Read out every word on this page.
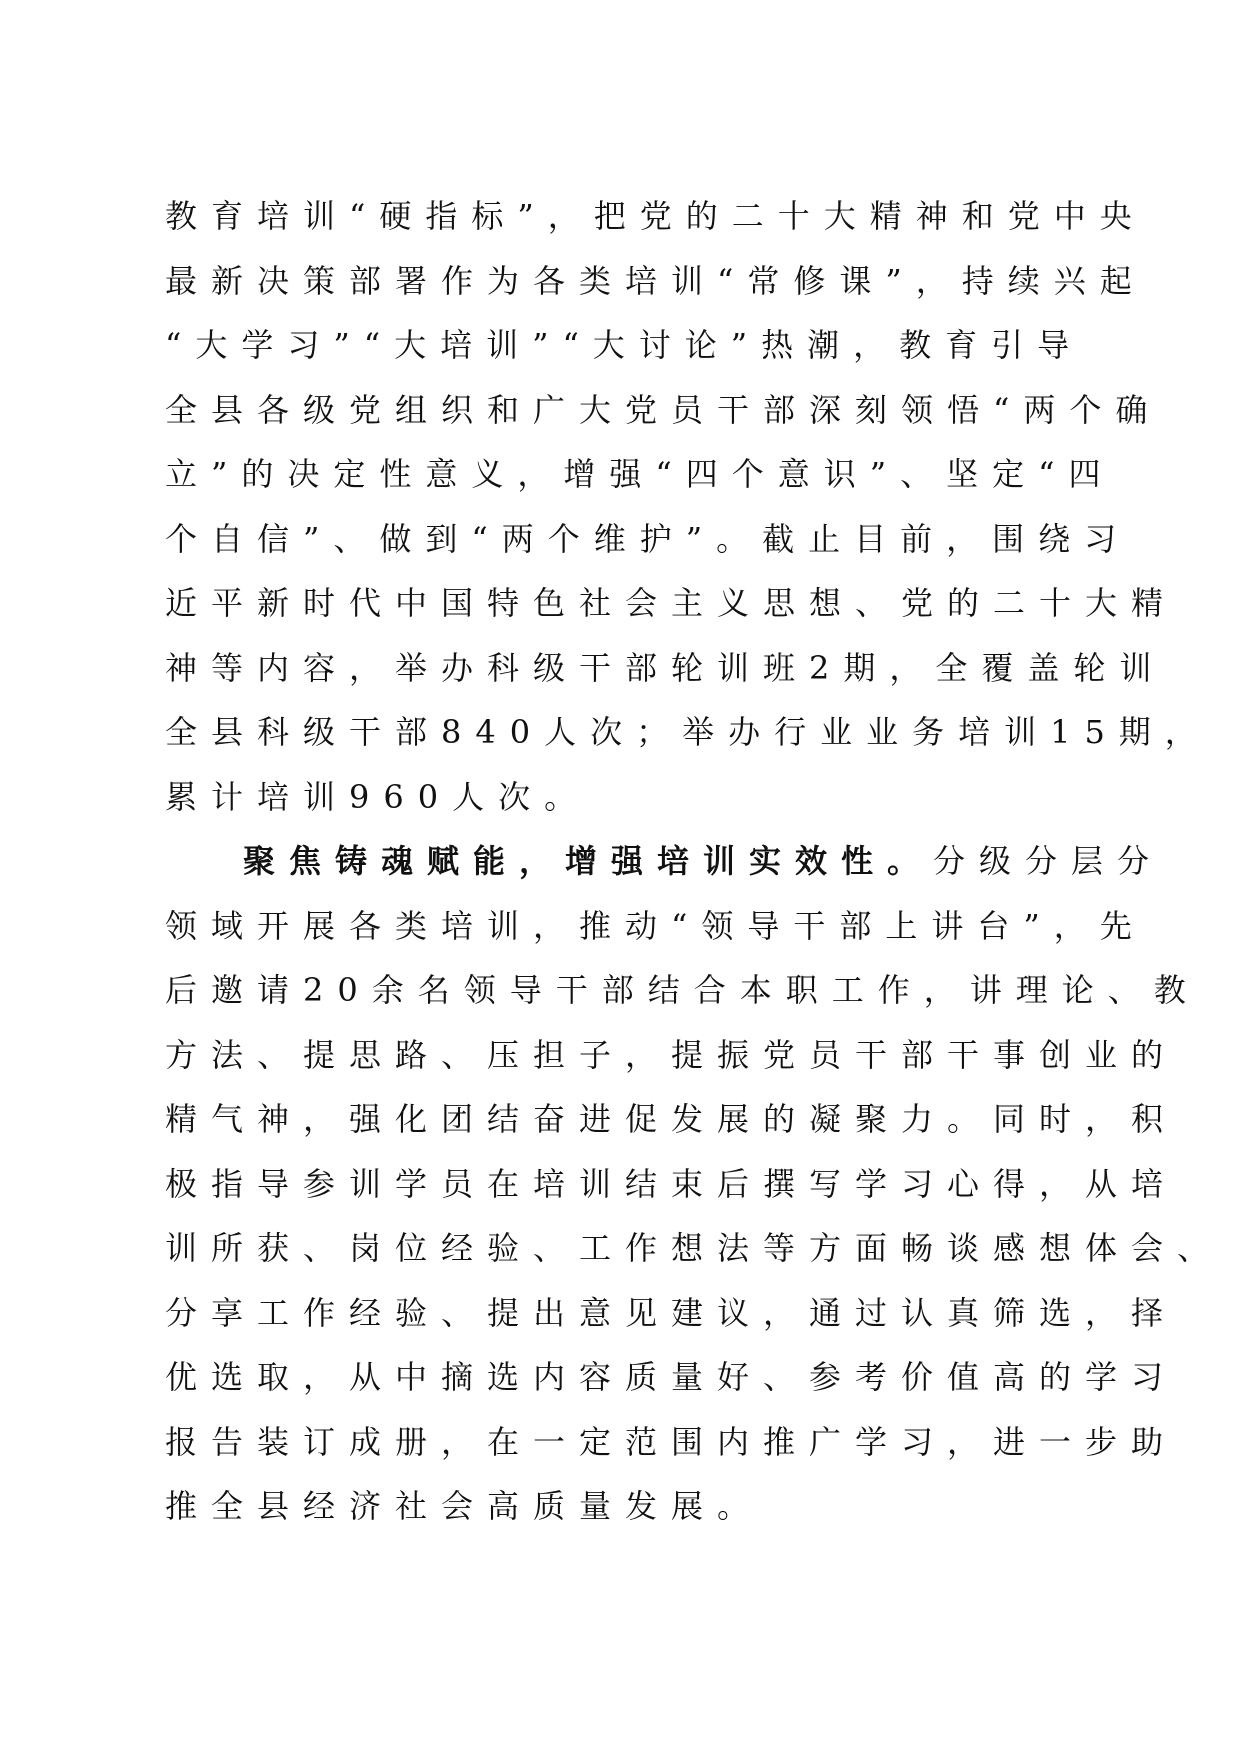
教育培训“硬指标”，把党的二十大精神和党中央
最新决策部署作为各类培训“常修课”，持续兴起
“大学习”“大培训”“大讨论”热潮，教育引导
全县各级党组织和广大党员干部深刻领悟“两个确
立”的决定性意义，增强“四个意识”、坚定“四
个自信”、做到“两个维护”。截止目前，围绕习
近平新时代中国特色社会主义思想、党的二十大精
神等内容，举办科级干部轮训班2期，全覆盖轮训
全县科级干部840人次；举办行业业务培训15期，
累计培训960人次。
聚焦铸魂赋能，增强培训实效性。分级分层分
领域开展各类培训，推动“领导干部上讲台”，先
后邀请20余名领导干部结合本职工作，讲理论、教
方法、提思路、压担子，提振党员干部干事创业的
精气神，强化团结奋进促发展的凝聚力。同时，积
极指导参训学员在培训结束后撰写学习心得，从培
训所获、岗位经验、工作想法等方面畅谈感想体会、
分享工作经验、提出意见建议，通过认真筛选，择
优选取，从中摘选内容质量好、参考价值高的学习
报告装订成册，在一定范围内推广学习，进一步助
推全县经济社会高质量发展。
